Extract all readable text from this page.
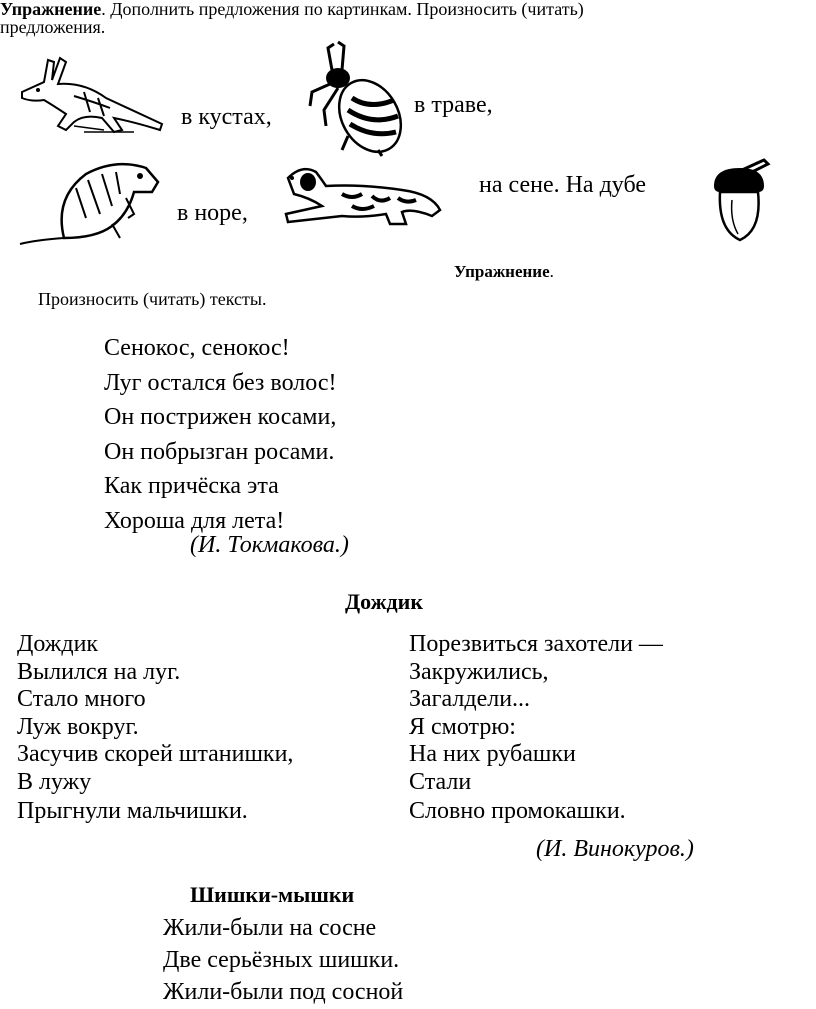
Упражнение. Дополнить предложения по картинкам. Произносить (читать)
предложения.
в кустах,	в траве,
в норе,
на сене. На дубе
Упражнение.
Произносить (читать) тексты.
Сенокос, сенокос!
Луг остался без волос!
Он пострижен косами,
Он побрызган росами.
Как причёска эта
Хороша для лета!
(И. Токмакова.)
Дождик
Дождик
Вылился на луг.
Стало много
Луж вокруг.
Засучив скорей штанишки,
В лужу
Прыгнули мальчишки.
Порезвиться захотели —
Закружились,
Загалдели...
Я смотрю:
На них рубашки
Стали
Словно промокашки.
(И. Винокуров.)
Шишки-мышки
Жили-были на сосне
Две серьёзных шишки.
Жили-были под сосной
